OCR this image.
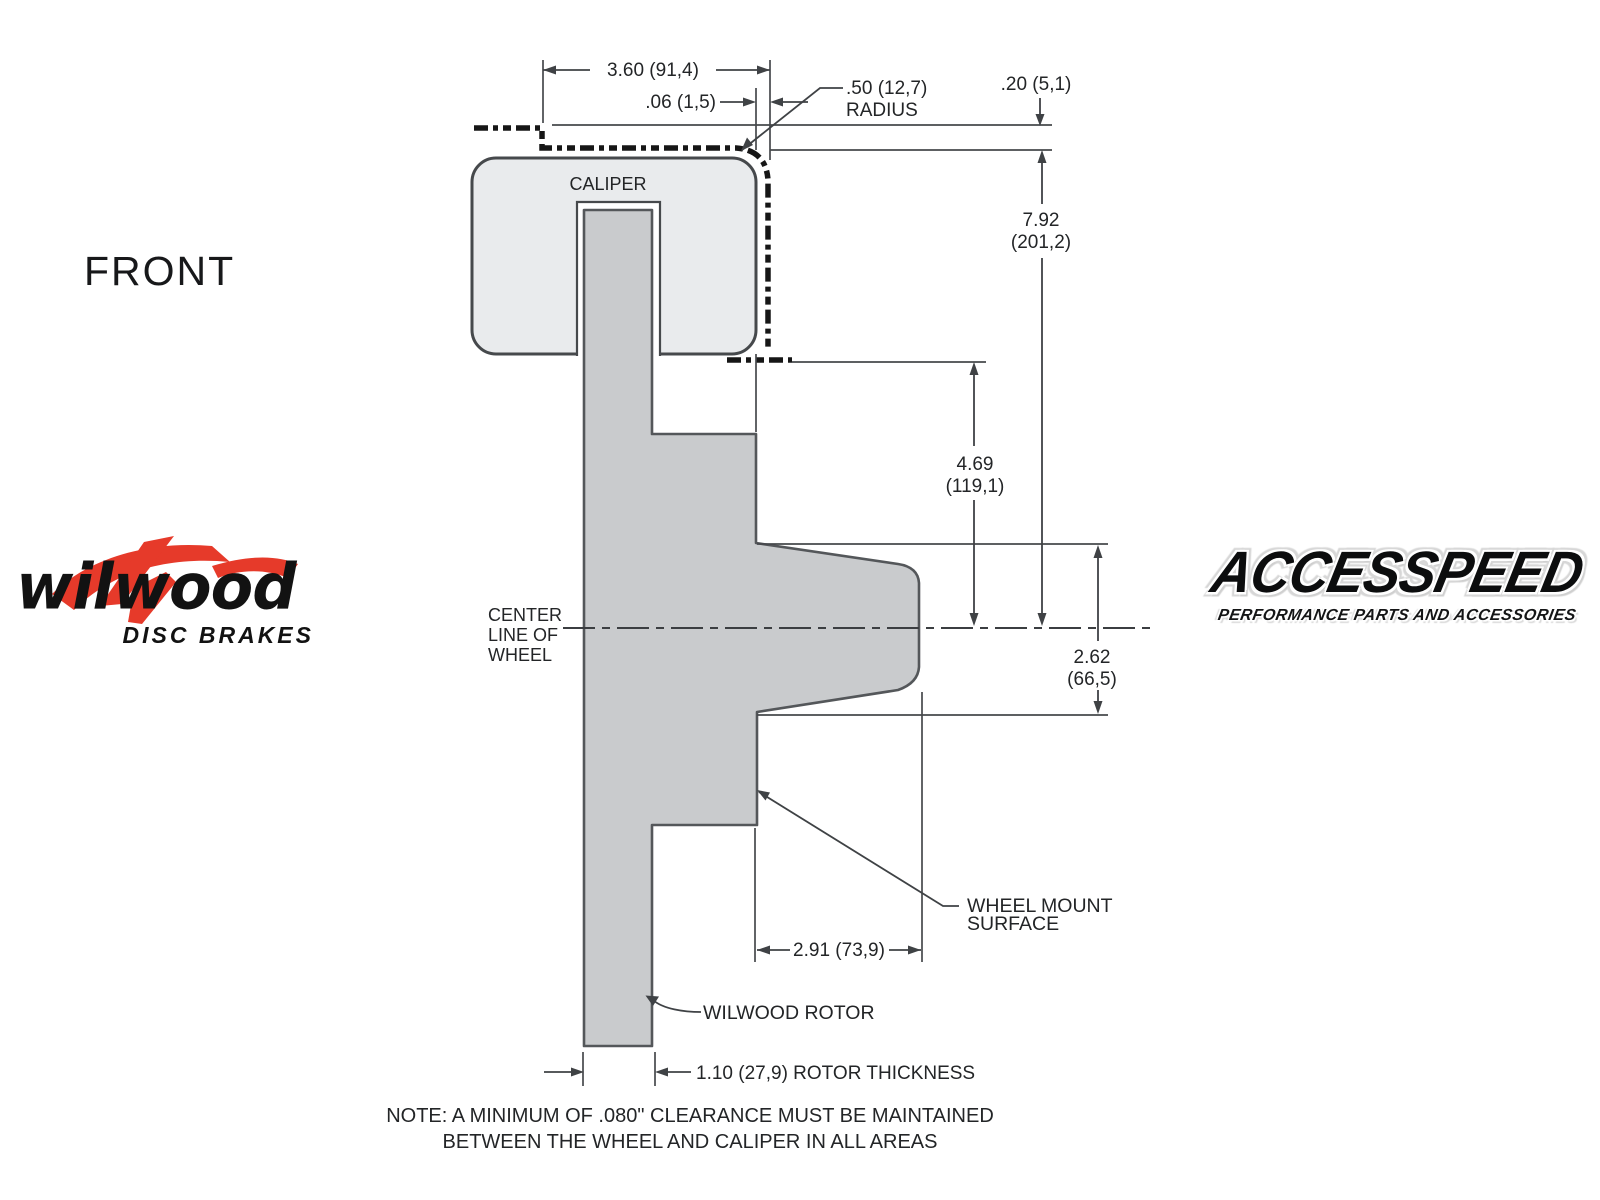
CALIPER
CENTER
LINE OF
WHEEL
3.60 (91,4)
.06 (1,5)
.50 (12,7)
RADIUS
.20 (5,1)
7.92
(201,2)
4.69
(119,1)
2.62
(66,5)
2.91 (73,9)
1.10 (27,9) ROTOR THICKNESS
WHEEL MOUNT
SURFACE
WILWOOD ROTOR
NOTE: A MINIMUM OF .080" CLEARANCE MUST BE MAINTAINED
BETWEEN THE WHEEL AND CALIPER IN ALL AREAS
FRONT
wilwood
DISC BRAKES
ACCESSPEED
PERFORMANCE PARTS AND ACCESSORIES
